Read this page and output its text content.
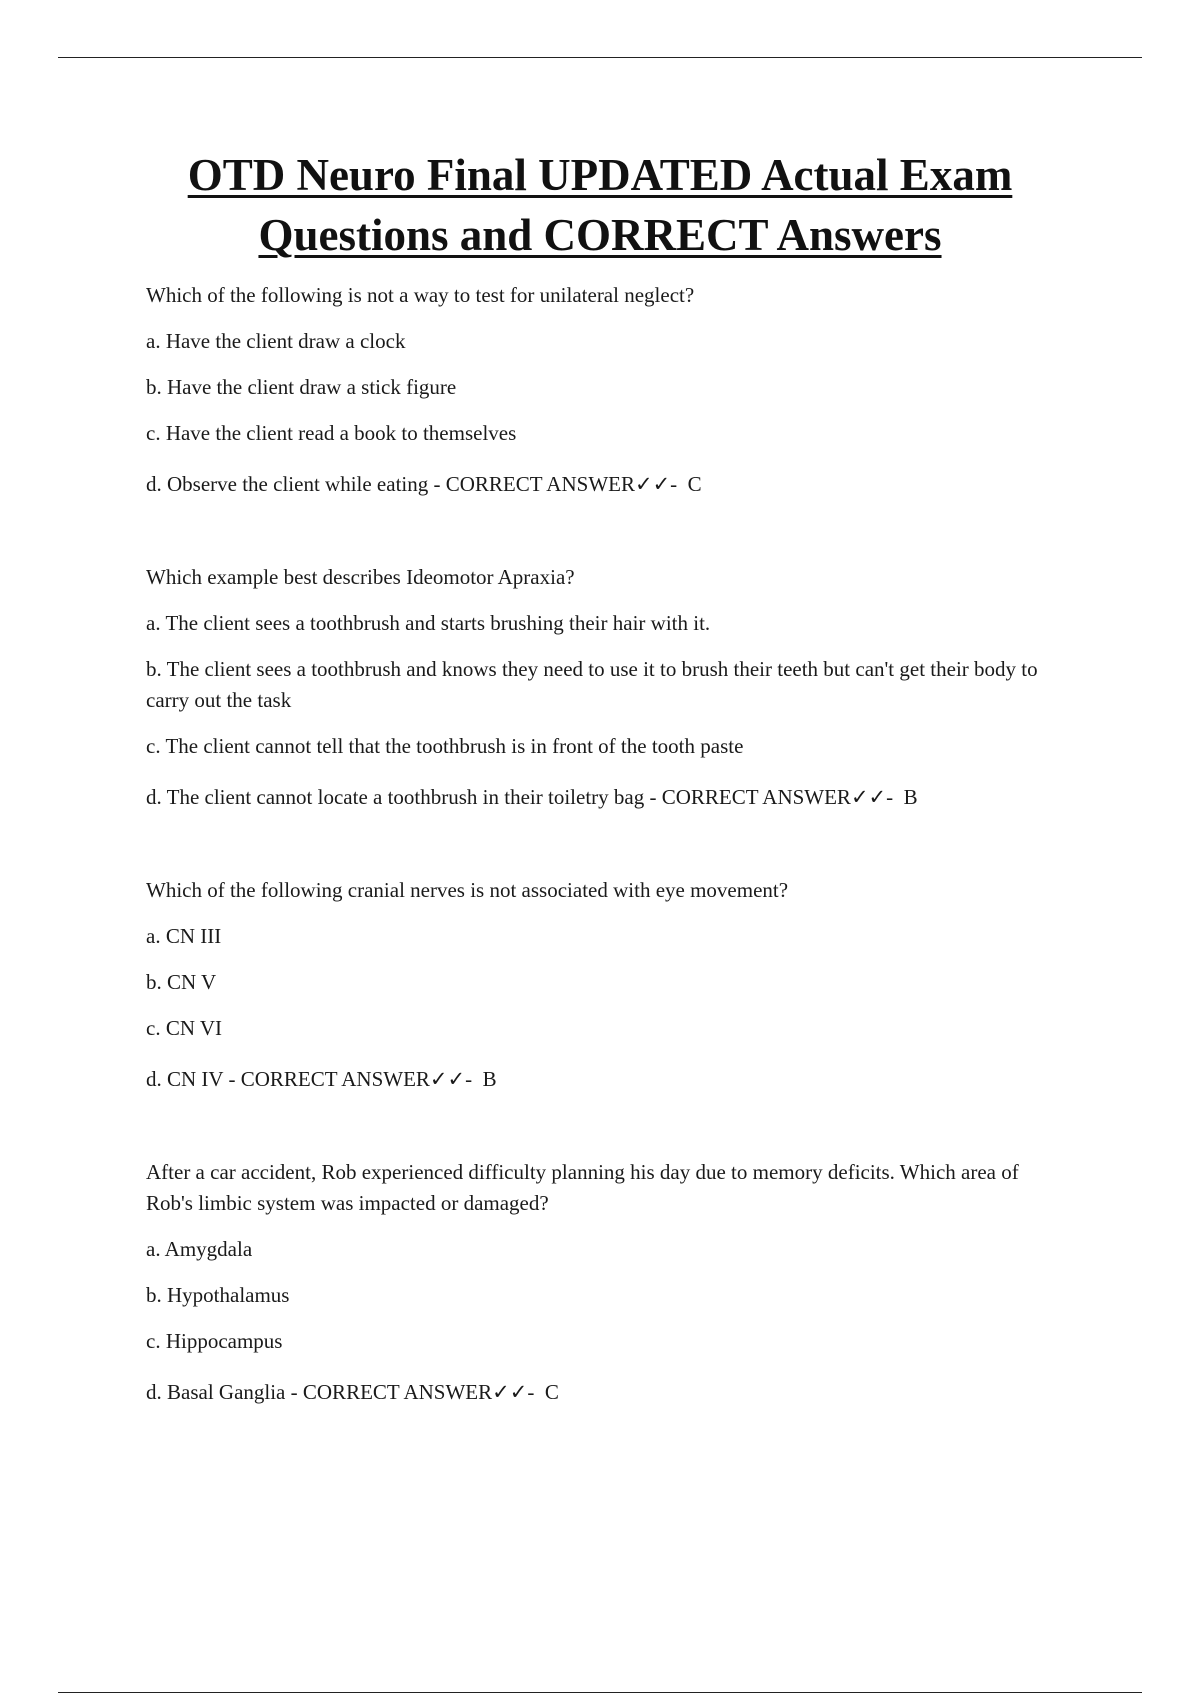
OTD Neuro Final UPDATED Actual Exam
Questions and CORRECT Answers

Which of the following is not a way to test for unilateral neglect?

a. Have the client draw a clock

b. Have the client draw a stick figure

c. Have the client read a book to themselves

d. Observe the client while eating - CORRECT ANSWER✓✓-  C

Which example best describes Ideomotor Apraxia?

a. The client sees a toothbrush and starts brushing their hair with it.

b. The client sees a toothbrush and knows they need to use it to brush their teeth but can't get their body to carry out the task

c. The client cannot tell that the toothbrush is in front of the tooth paste

d. The client cannot locate a toothbrush in their toiletry bag - CORRECT ANSWER✓✓-  B

Which of the following cranial nerves is not associated with eye movement?

a. CN III

b. CN V

c. CN VI

d. CN IV - CORRECT ANSWER✓✓-  B

After a car accident, Rob experienced difficulty planning his day due to memory deficits. Which area of Rob's limbic system was impacted or damaged?

a. Amygdala

b. Hypothalamus

c. Hippocampus

d. Basal Ganglia - CORRECT ANSWER✓✓-  C
